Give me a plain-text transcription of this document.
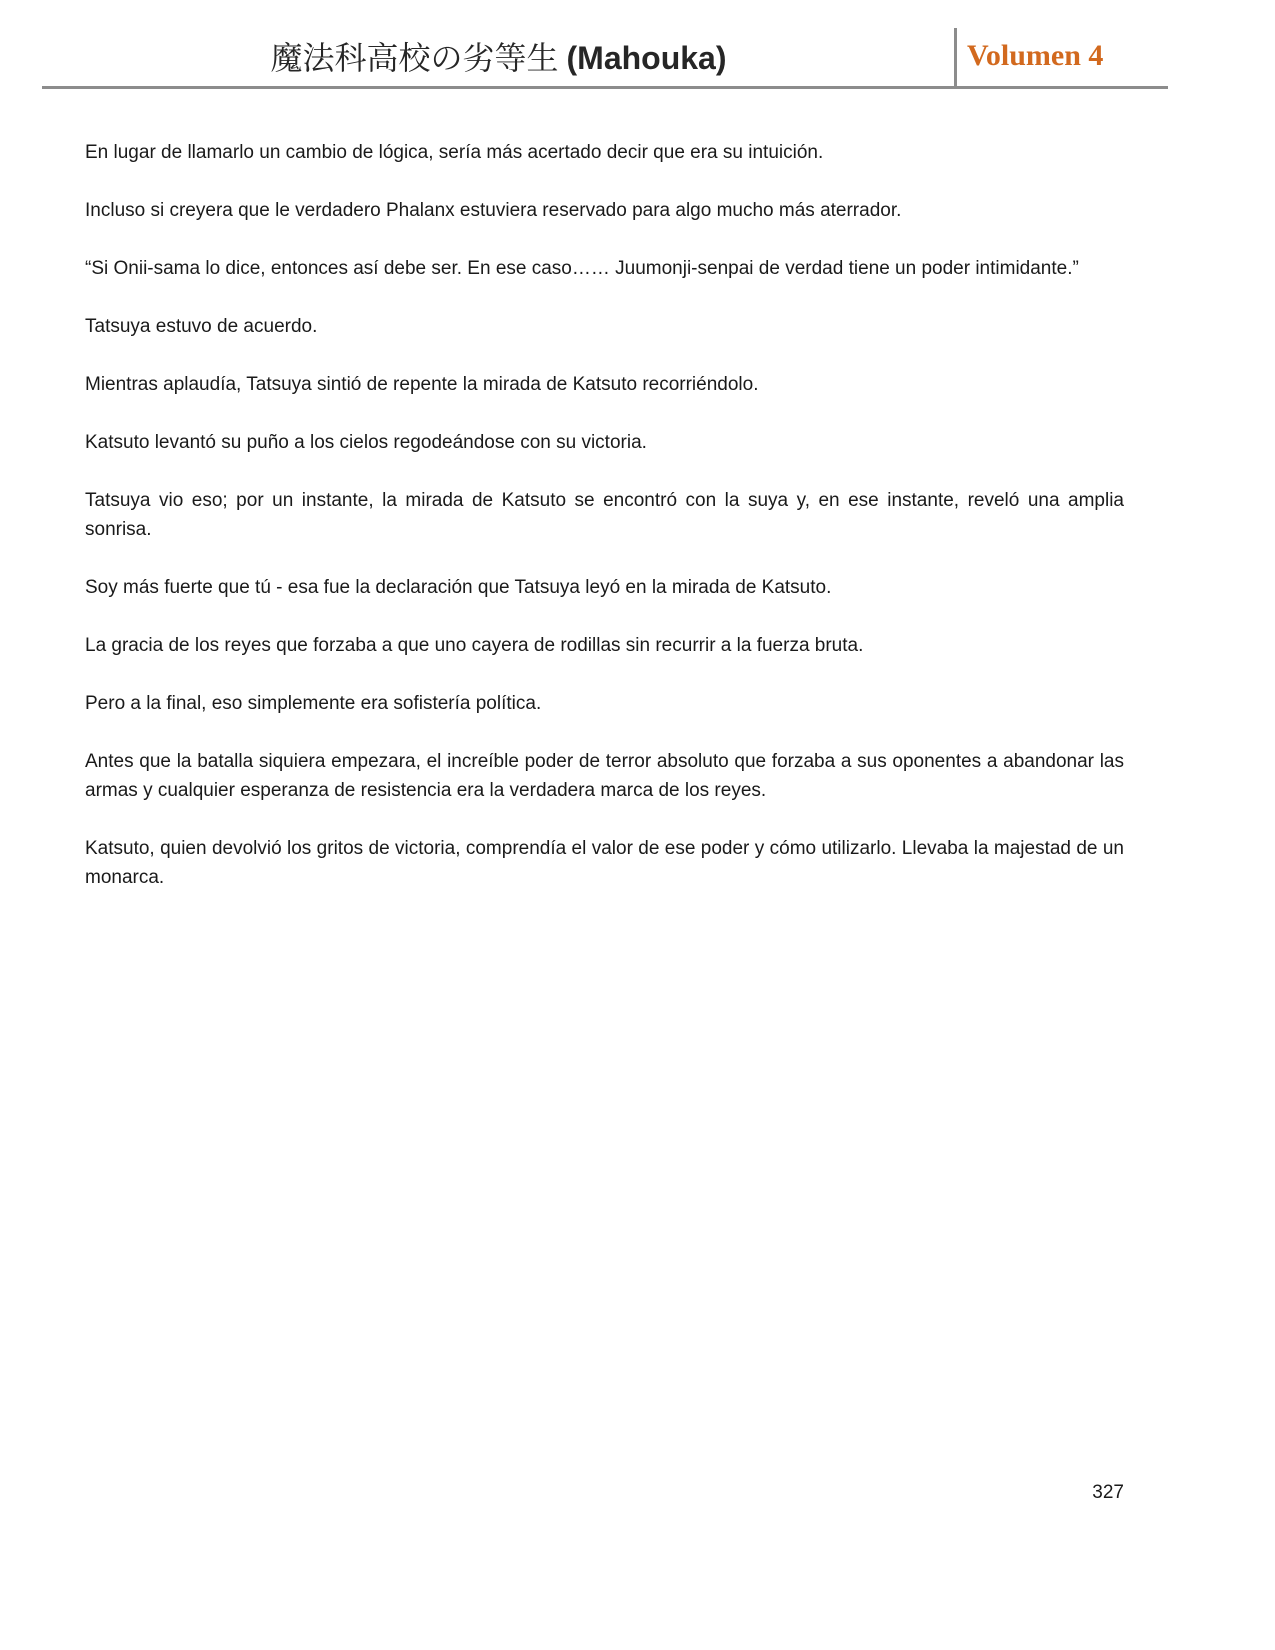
魔法科高校の劣等生 (Mahouka)	Volumen 4

En lugar de llamarlo un cambio de lógica, sería más acertado decir que era su intuición.

Incluso si creyera que le verdadero Phalanx estuviera reservado para algo mucho más aterrador.

“Si Onii-sama lo dice, entonces así debe ser. En ese caso…… Juumonji-senpai de verdad tiene un poder intimidante.”

Tatsuya estuvo de acuerdo.

Mientras aplaudía, Tatsuya sintió de repente la mirada de Katsuto recorriéndolo.

Katsuto levantó su puño a los cielos regodeándose con su victoria.

Tatsuya vio eso; por un instante, la mirada de Katsuto se encontró con la suya y, en ese instante, reveló una amplia sonrisa.

Soy más fuerte que tú - esa fue la declaración que Tatsuya leyó en la mirada de Katsuto.

La gracia de los reyes que forzaba a que uno cayera de rodillas sin recurrir a la fuerza bruta.

Pero a la final, eso simplemente era sofistería política.

Antes que la batalla siquiera empezara, el increíble poder de terror absoluto que forzaba a sus oponentes a abandonar las armas y cualquier esperanza de resistencia era la verdadera marca de los reyes.

Katsuto, quien devolvió los gritos de victoria, comprendía el valor de ese poder y cómo utilizarlo. Llevaba la majestad de un monarca.

327
